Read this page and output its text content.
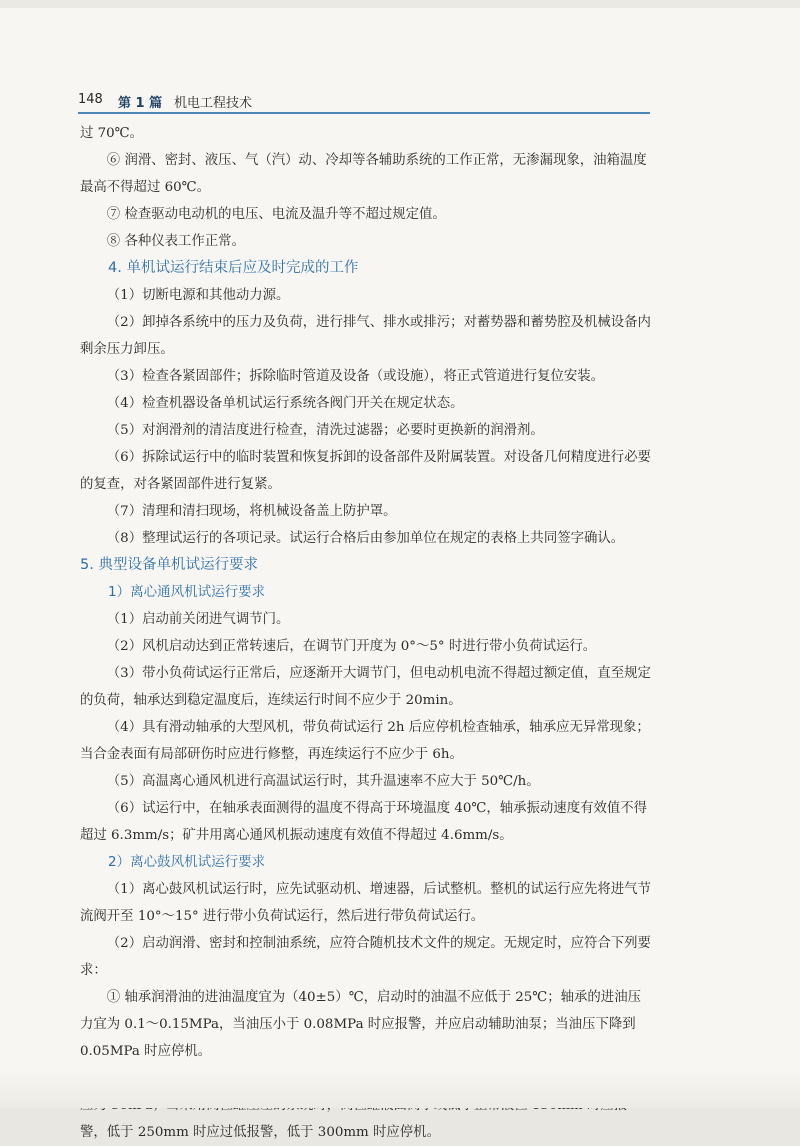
148 第 1 篇 机电工程技术

过 70℃。

⑥ 润滑、密封、液压、气（汽）动、冷却等各辅助系统的工作正常，无渗漏现象，油箱温度最高不得超过 60℃。

⑦ 检查驱动电动机的电压、电流及温升等不超过规定值。

⑧ 各种仪表工作正常。

4. 单机试运行结束后应及时完成的工作

（1）切断电源和其他动力源。

（2）卸掉各系统中的压力及负荷，进行排气、排水或排污；对蓄势器和蓄势腔及机械设备内剩余压力卸压。

（3）检查各紧固部件；拆除临时管道及设备（或设施），将正式管道进行复位安装。

（4）检查机器设备单机试运行系统各阀门开关在规定状态。

（5）对润滑剂的清洁度进行检查，清洗过滤器；必要时更换新的润滑剂。

（6）拆除试运行中的临时装置和恢复拆卸的设备部件及附属装置。对设备几何精度进行必要的复查，对各紧固部件进行复紧。

（7）清理和清扫现场，将机械设备盖上防护罩。

（8）整理试运行的各项记录。试运行合格后由参加单位在规定的表格上共同签字确认。

5. 典型设备单机试运行要求

1）离心通风机试运行要求

（1）启动前关闭进气调节门。

（2）风机启动达到正常转速后，在调节门开度为 0°～5° 时进行带小负荷试运行。

（3）带小负荷试运行正常后，应逐渐开大调节门，但电动机电流不得超过额定值，直至规定的负荷，轴承达到稳定温度后，连续运行时间不应少于 20min。

（4）具有滑动轴承的大型风机，带负荷试运行 2h 后应停机检查轴承，轴承应无异常现象；当合金表面有局部研伤时应进行修整，再连续运行不应少于 6h。

（5）高温离心通风机进行高温试运行时，其升温速率不应大于 50℃/h。

（6）试运行中，在轴承表面测得的温度不得高于环境温度 40℃，轴承振动速度有效值不得超过 6.3mm/s；矿井用离心通风机振动速度有效值不得超过 4.6mm/s。

2）离心鼓风机试运行要求

（1）离心鼓风机试运行时，应先试驱动机、增速器，后试整机。整机的试运行应先将进气节流阀开至 10°～15° 进行带小负荷试运行，然后进行带负荷试运行。

（2）启动润滑、密封和控制油系统，应符合随机技术文件的规定。无规定时，应符合下列要求：

① 轴承润滑油的进油温度宜为（40±5）℃，启动时的油温不应低于 25℃；轴承的进油压力宜为 0.1～0.15MPa，当油压小于 0.08MPa 时应报警，并应启动辅助油泵；当油压下降到 0.05MPa 时应停机。

警，低于 250mm 时应过低报警，低于 300mm 时应停机。
